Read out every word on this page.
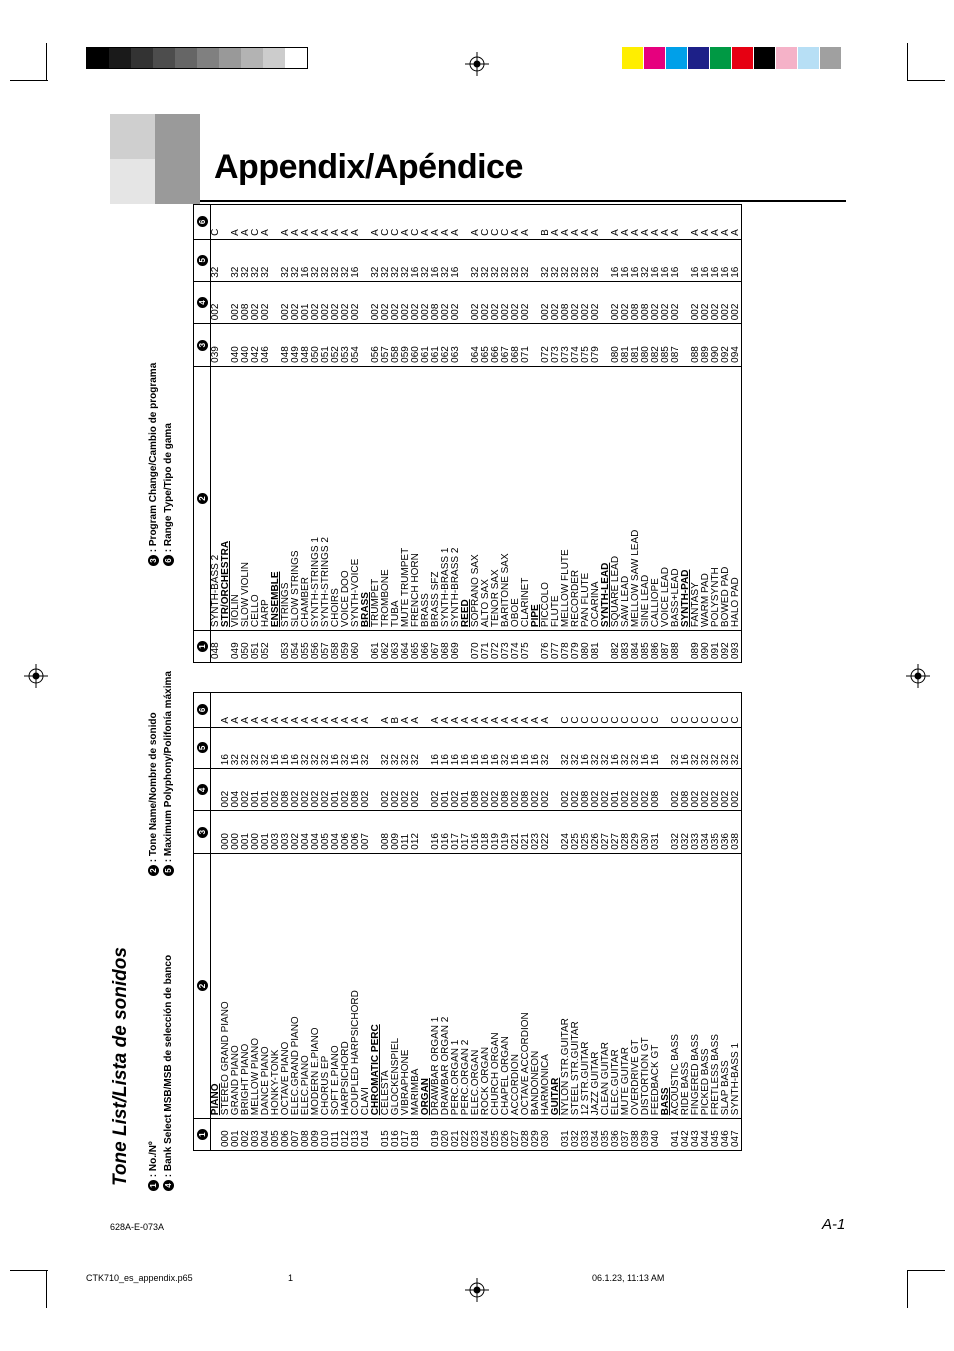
Appendix/Apéndice
Tone List/Lista de sonidos 1 : No./Nº
4 : Bank Select MSB/MSB de selección de banco
2 : Tone Name/Nombre de sonido
5 : Maximum Polyphony/Polifonía máxima
3 : Program Change/Cambio de programa
6 : Range Type/Tipo de gama
1	2	3	4	5	6
	PIANO				
000	STEREO GRAND PIANO	000	002	16	A
001	GRAND PIANO	000	004	32	A
002	BRIGHT PIANO	001	002	32	A
003	MELLOW PIANO	000	001	32	A
004	DANCE PIANO	001	001	32	A
005	HONKY-TONK	003	002	16	A
006	OCTAVE PIANO	003	008	16	A
007	ELEC.GRAND PIANO	002	002	16	A
008	ELEC.PIANO	004	002	32	A
009	MODERN E.PIANO	004	002	32	A
010	CHORUS EP	005	002	32	A
011	SOFT E.PIANO	004	001	16	A
012	HARPSICHORD	006	002	32	A
013	COUPLED HARPSICHORD	006	008	16	A
014	CLAVI	007	002	32	A
	CHROMATIC PERC				
015	CELESTA	008	002	32	A
016	GLOCKENSPIEL	009	002	32	B
017	VIBRAPHONE	011	002	32	A
018	MARIMBA	012	002	32	A
	ORGAN				
019	DRAWBAR ORGAN 1	016	002	16	A
020	DRAWBAR ORGAN 2	016	001	16	A
021	PERC.ORGAN 1	017	002	16	A
022	PERC.ORGAN 2	017	001	16	A
023	ELEC.ORGAN	016	008	16	A
024	ROCK ORGAN	018	002	16	A
025	CHURCH ORGAN	019	002	16	A
026	CHAPEL ORGAN	019	008	32	A
027	ACCORDION	021	002	16	A
028	OCTAVE ACCORDION	021	008	16	A
029	BANDONEON	023	002	16	A
030	HARMONICA	022	002	32	A
	GUITAR				
031	NYLON STR.GUITAR	024	002	32	C
032	STEEL STR.GUITAR	025	002	32	C
033	12 STR.GUITAR	025	008	16	C
034	JAZZ GUITAR	026	002	32	C
035	CLEAN GUITAR	027	002	32	C
036	ELEC.GUITAR	027	001	16	C
037	MUTE GUITAR	028	002	32	C
038	OVERDRIVE GT	029	002	32	C
039	DISTORTION GT	030	002	16	C
040	FEEDBACK GT	031	008	16	C
	BASS				
041	ACOUSTIC BASS	032	002	32	C
042	RIDE BASS	032	008	16	C
043	FINGERED BASS	033	002	32	C
044	PICKED BASS	034	002	32	C
045	FRETLESS BASS	035	002	32	C
046	SLAP BASS	036	002	32	C
047	SYNTH-BASS 1	038	002	32	C
1	2	3	4	5	6
048	SYNTH-BASS 2	039	002	32	C
	STR/ORCHESTRA				
049	VIOLIN	040	002	32	A
050	SLOW VIOLIN	040	008	32	A
051	CELLO	042	002	32	C
052	HARP	046	002	32	A
	ENSEMBLE				
053	STRINGS	048	002	32	A
054	SLOW STRINGS	049	002	32	A
055	CHAMBER	048	001	16	A
056	SYNTH-STRINGS 1	050	002	32	A
057	SYNTH-STRINGS 2	051	002	32	A
058	CHOIRS	052	002	32	A
059	VOICE DOO	053	002	32	A
060	SYNTH-VOICE	054	002	16	A
	BRASS				
061	TRUMPET	056	002	32	A
062	TROMBONE	057	002	32	C
063	TUBA	058	002	32	C
064	MUTE TRUMPET	059	002	32	A
065	FRENCH HORN	060	002	16	C
066	BRASS	061	002	32	A
067	BRASS SFZ	061	008	16	A
068	SYNTH-BRASS 1	062	002	32	A
069	SYNTH-BRASS 2	063	002	16	A
	REED				
070	SOPRANO SAX	064	002	32	A
071	ALTO SAX	065	002	32	C
072	TENOR SAX	066	002	32	C
073	BARITONE SAX	067	002	32	C
074	OBOE	068	002	32	A
075	CLARINET	071	002	32	A
	PIPE				
076	PICCOLO	072	002	32	B
077	FLUTE	073	002	32	A
078	MELLOW FLUTE	073	008	32	A
079	RECORDER	074	002	32	A
080	PAN FLUTE	075	002	32	A
081	OCARINA	079	002	32	A
	SYNTH-LEAD				
082	SQUARE LEAD	080	002	16	A
083	SAW LEAD	081	002	16	A
084	MELLOW SAW LEAD	081	008	16	A
085	SINE LEAD	080	008	32	A
086	CALLIOPE	082	002	16	A
087	VOICE LEAD	085	002	16	A
088	BASS+LEAD	087	002	16	A
	SYNTH-PAD				
089	FANTASY	088	002	16	A
090	WARM PAD	089	002	16	A
091	POLYSYNTH	090	002	16	A
092	BOWED PAD	092	002	16	A
093	HALO PAD	094	002	16	A
628A-E-073A	A-1
CTK710_es_appendix.p65	1	06.1.23, 11:13 AM
